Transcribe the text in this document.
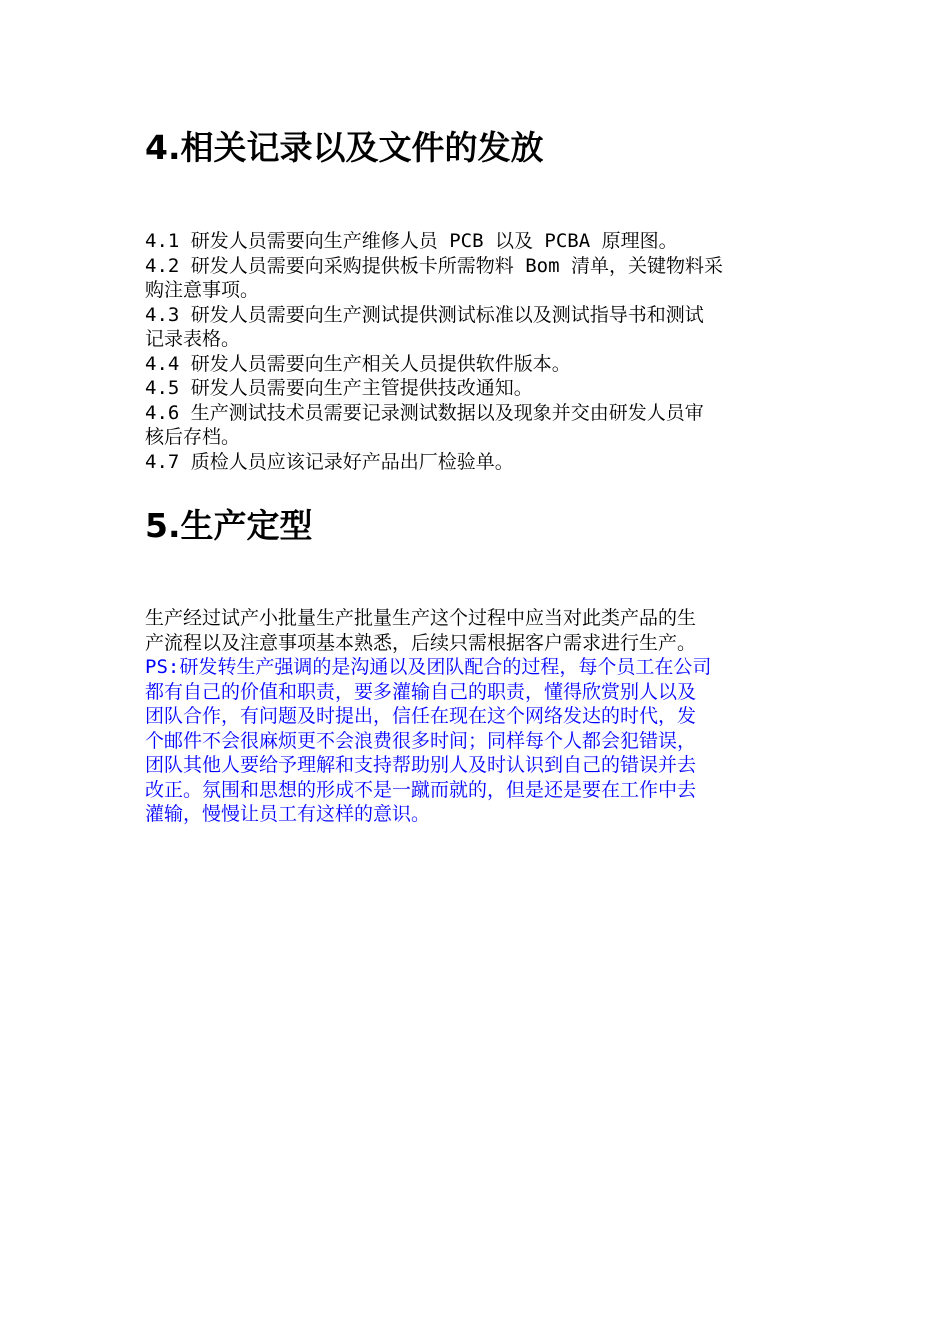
4.相关记录以及文件的发放
4.1 研发人员需要向生产维修人员 PCB 以及 PCBA 原理图。
4.2 研发人员需要向采购提供板卡所需物料 Bom 清单，关键物料采
购注意事项。
4.3 研发人员需要向生产测试提供测试标准以及测试指导书和测试
记录表格。
4.4 研发人员需要向生产相关人员提供软件版本。
4.5 研发人员需要向生产主管提供技改通知。
4.6 生产测试技术员需要记录测试数据以及现象并交由研发人员审
核后存档。
4.7 质检人员应该记录好产品出厂检验单。
5.生产定型
生产经过试产小批量生产批量生产这个过程中应当对此类产品的生
产流程以及注意事项基本熟悉，后续只需根据客户需求进行生产。
PS:研发转生产强调的是沟通以及团队配合的过程，每个员工在公司
都有自己的价值和职责，要多灌输自己的职责，懂得欣赏别人以及
团队合作，有问题及时提出，信任在现在这个网络发达的时代，发
个邮件不会很麻烦更不会浪费很多时间；同样每个人都会犯错误，
团队其他人要给予理解和支持帮助别人及时认识到自己的错误并去
改正。氛围和思想的形成不是一蹴而就的，但是还是要在工作中去
灌输，慢慢让员工有这样的意识。
